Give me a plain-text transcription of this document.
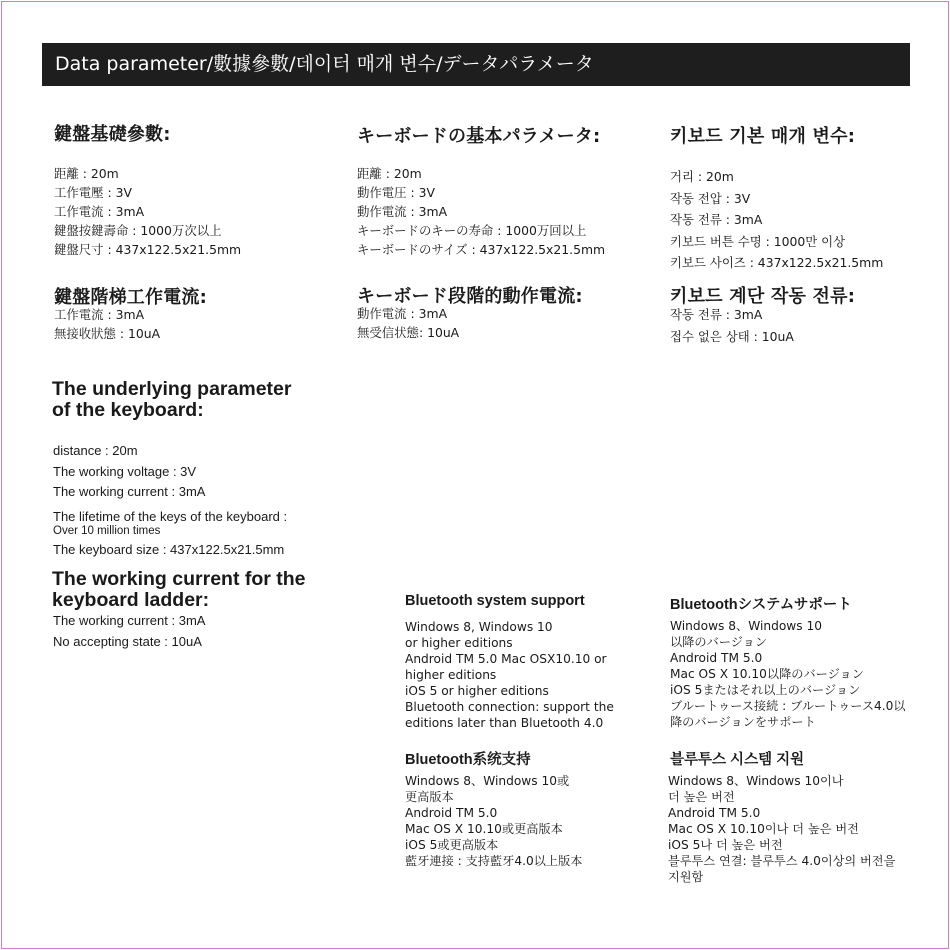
Data parameter/數據參數/데이터 매개 변수/データパラメータ
鍵盤基礎參數:
距離 : 20m
工作電壓 : 3V
工作電流 : 3mA
鍵盤按鍵壽命 : 1000万次以上
鍵盤尺寸 : 437x122.5x21.5mm
鍵盤階梯工作電流:
工作電流 : 3mA
無接收狀態 : 10uA
キーボードの基本パラメータ:
距離 : 20m
動作電圧 : 3V
動作電流 : 3mA
キーボードのキーの寿命 : 1000万回以上
キーボードのサイズ : 437x122.5x21.5mm
キーボード段階的動作電流:
動作電流 : 3mA
無受信状態: 10uA
키보드 기본 매개 변수:
거리 : 20m
작동 전압 : 3V
작동 전류 : 3mA
키보드 버튼 수명 : 1000만 이상
키보드 사이즈 : 437x122.5x21.5mm
키보드 계단 작동 전류:
작동 전류 : 3mA
접수 없은 상태 : 10uA
The underlying parameter
of the keyboard:
distance : 20m
The working voltage : 3V
The working current : 3mA
The lifetime of the keys of the keyboard :
Over 10 million times
The keyboard size : 437x122.5x21.5mm
The working current for the
keyboard ladder:
The working current : 3mA
No accepting state : 10uA
Bluetooth system support
Windows 8, Windows 10
or higher editions
Android TM 5.0 Mac OSX10.10 or
higher editions
iOS 5 or higher editions
Bluetooth connection: support the
editions later than Bluetooth 4.0
Bluetoothシステムサポート
Windows 8、Windows 10
以降のバージョン
Android TM 5.0
Mac OS X 10.10以降のバージョン
iOS 5またはそれ以上のバージョン
ブルートゥース接続 : ブルートゥース4.0以
降のバージョンをサポート
Bluetooth系统支持
Windows 8、Windows 10或
更高版本
Android TM 5.0
Mac OS X 10.10或更高版本
iOS 5或更高版本
藍牙連接 : 支持藍牙4.0以上版本
블루투스 시스템 지원
Windows 8、Windows 10이나
더 높은 버전
Android TM 5.0
Mac OS X 10.10이나 더 높은 버전
iOS 5나 더 높은 버전
블루투스 연결: 블루투스 4.0이상의 버전을
지원함
